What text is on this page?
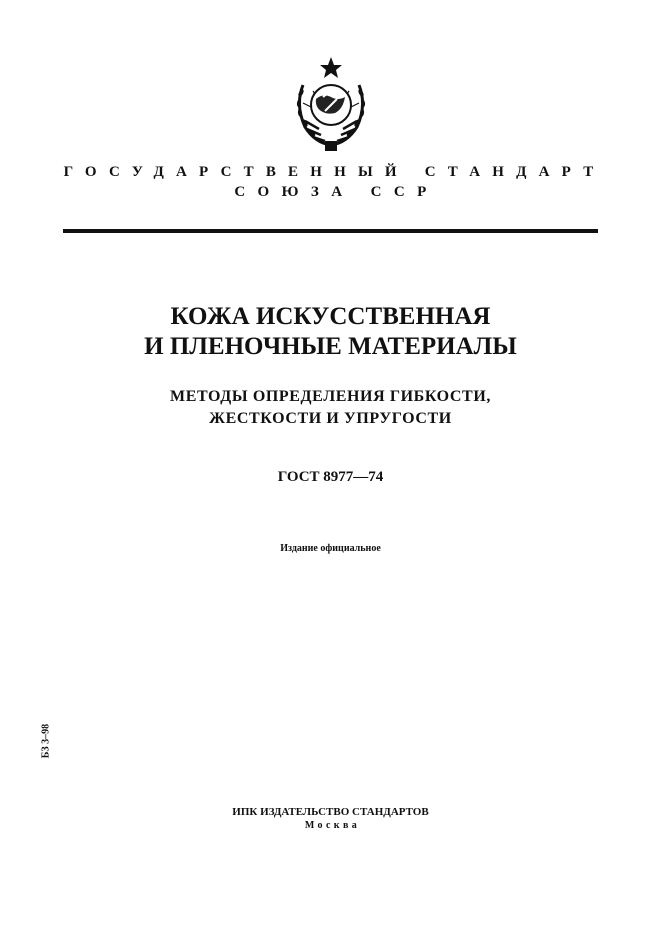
ГОСУДАРСТВЕННЫЙ СТАНДАРТ
СОЮЗА ССР
КОЖА ИСКУССТВЕННАЯ
И ПЛЕНОЧНЫЕ МАТЕРИАЛЫ
МЕТОДЫ ОПРЕДЕЛЕНИЯ ГИБКОСТИ,
ЖЕСТКОСТИ И УПРУГОСТИ
ГОСТ 8977—74
Издание официальное
БЗ 3–98
ИПК ИЗДАТЕЛЬСТВО СТАНДАРТОВ
Москва
